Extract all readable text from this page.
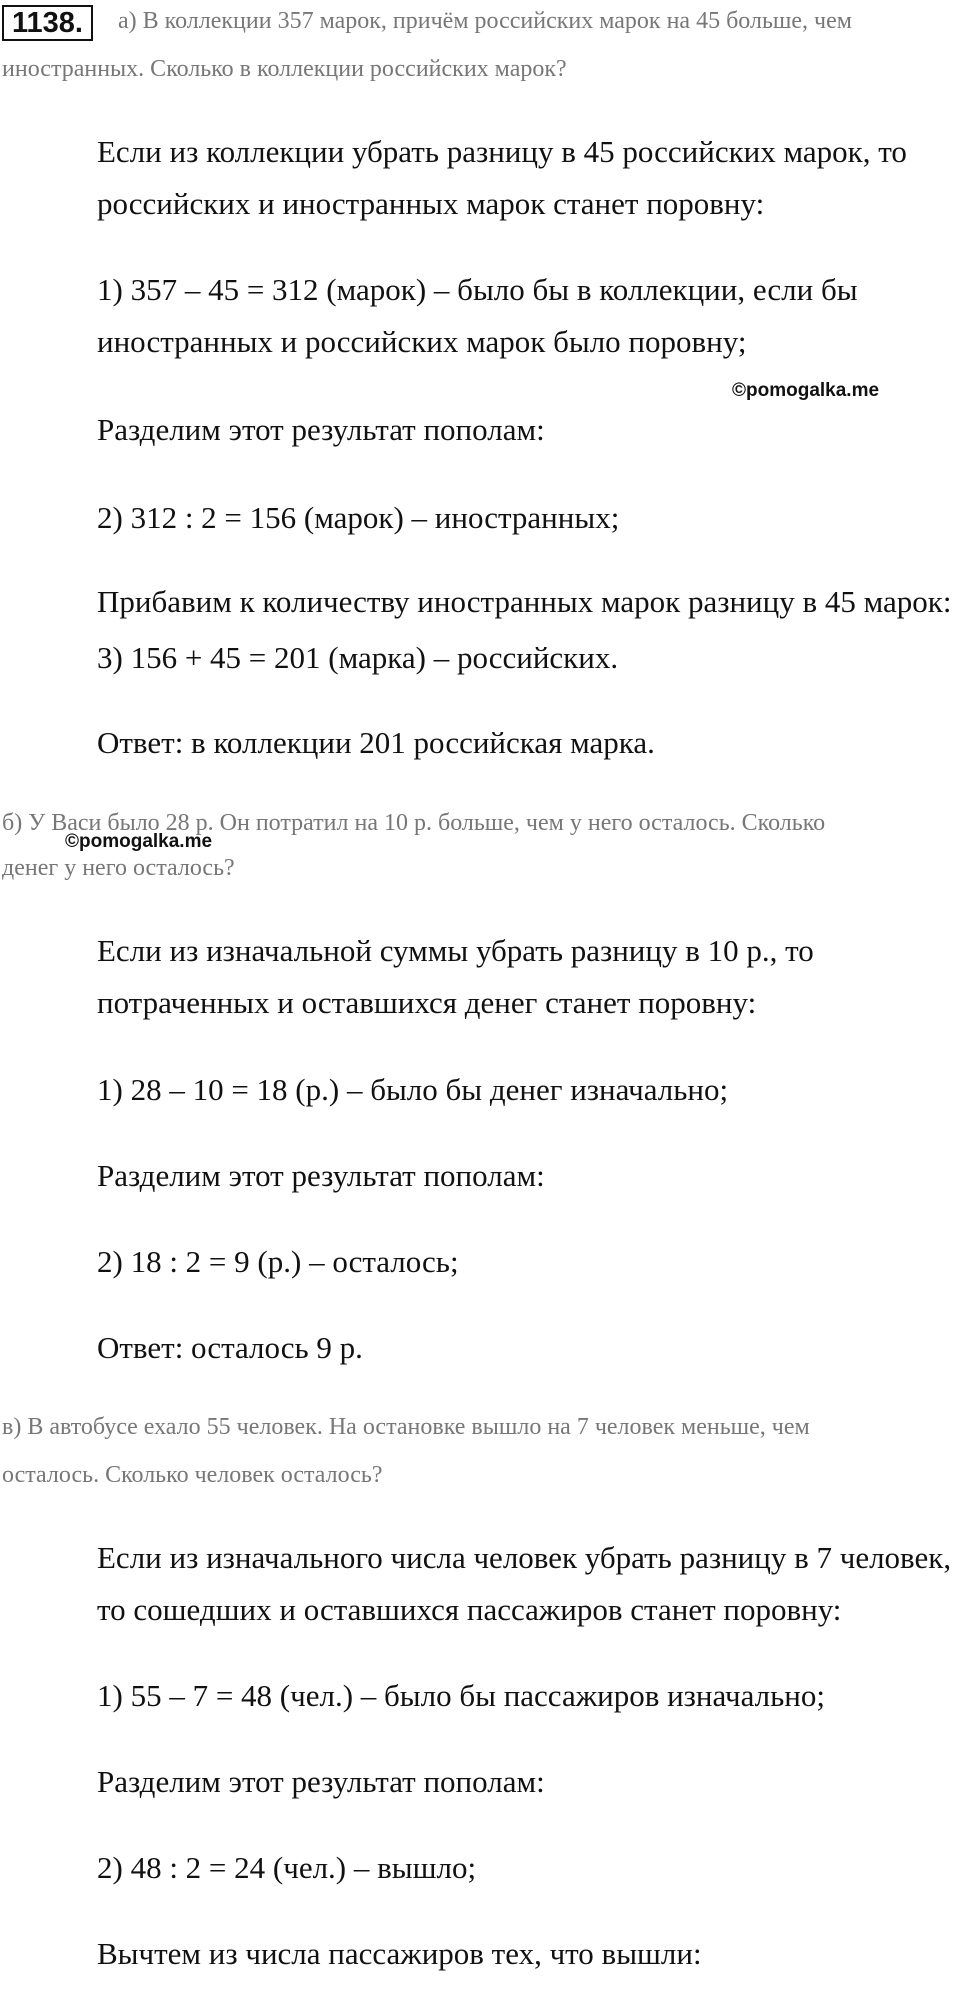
1138.	а) В коллекции 357 марок, причём российских марок на 45 больше, чем
иностранных. Сколько в коллекции российских марок?
Если из коллекции убрать разницу в 45 российских марок, то
российских и иностранных марок станет поровну:
1) 357 – 45 = 312 (марок) – было бы в коллекции, если бы
иностранных и российских марок было поровну;
©pomogalka.me
Разделим этот результат пополам:
2) 312 : 2 = 156 (марок) – иностранных;
Прибавим к количеству иностранных марок разницу в 45 марок:
3) 156 + 45 = 201 (марка) – российских.
Ответ: в коллекции 201 российская марка.
б) У Васи было 28 р. Он потратил на 10 р. больше, чем у него осталось. Сколько
©pomogalka.me
денег у него осталось?
Если из изначальной суммы убрать разницу в 10 р., то
потраченных и оставшихся денег станет поровну:
1) 28 – 10 = 18 (р.) – было бы денег изначально;
Разделим этот результат пополам:
2) 18 : 2 = 9 (р.) – осталось;
Ответ: осталось 9 р.
в) В автобусе ехало 55 человек. На остановке вышло на 7 человек меньше, чем
осталось. Сколько человек осталось?
Если из изначального числа человек убрать разницу в 7 человек,
то сошедших и оставшихся пассажиров станет поровну:
1) 55 – 7 = 48 (чел.) – было бы пассажиров изначально;
Разделим этот результат пополам:
2) 48 : 2 = 24 (чел.) – вышло;
Вычтем из числа пассажиров тех, что вышли:
